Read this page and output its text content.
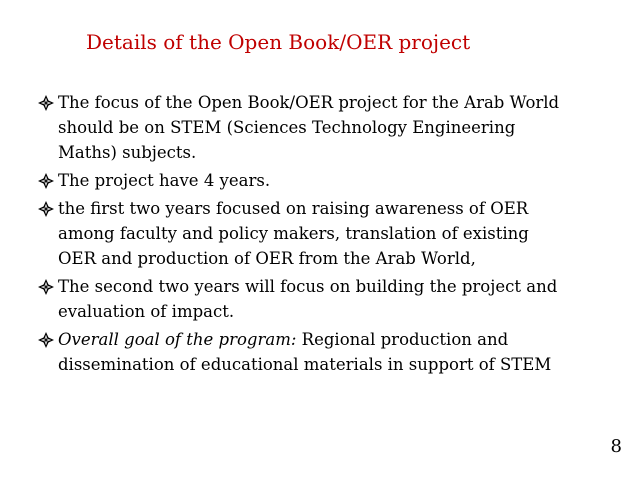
Details of the Open Book/OER project
The focus of the Open Book/OER project for the Arab World
should be on STEM (Sciences Technology Engineering
Maths) subjects.
The project have 4 years.
the first two years focused on raising awareness of OER
among faculty and policy makers, translation of existing
OER and production of OER from the Arab World,
The second two years will focus on building the project and
evaluation of impact.
Overall goal of the program: Regional production and
dissemination of educational materials in support of STEM
8
